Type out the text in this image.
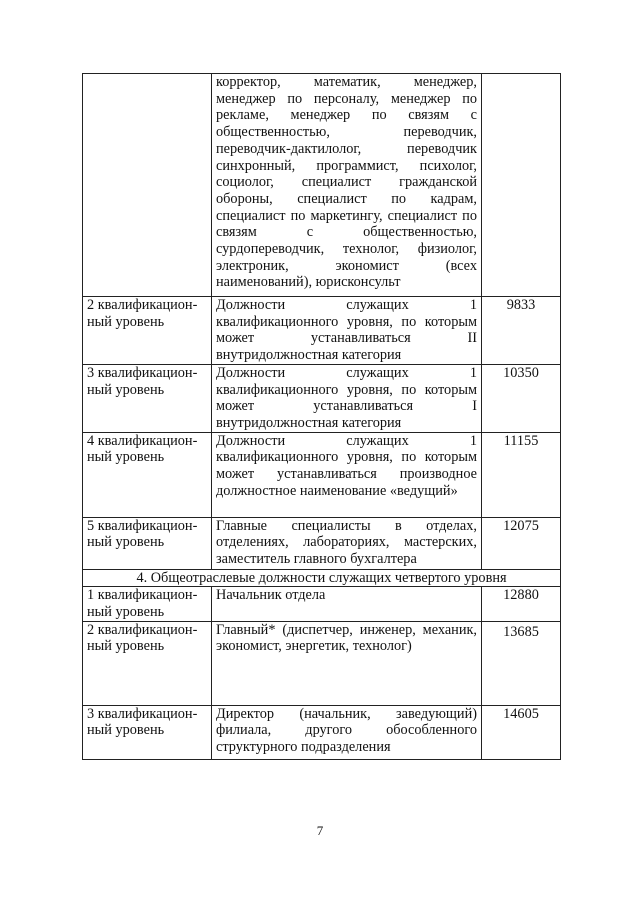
	корректор, математик, менеджер, менеджер по персоналу, менеджер по рекламе, менеджер по связям с общественностью, переводчик, переводчик-дактилолог, переводчик синхронный, программист, психолог, социолог, специалист гражданской обороны, специалист по кадрам, специалист по маркетингу, специалист по связям с общественностью, сурдопереводчик, технолог, физиолог, электроник, экономист (всех наименований), юрисконсульт	
2 квалификацион-ный уровень	Должности служащих 1 квалификационного уровня, по которым может устанавливаться II внутридолжностная категория	9833
3 квалификацион-ный уровень	Должности служащих 1 квалификационного уровня, по которым может устанавливаться I внутридолжностная категория	10350
4 квалификацион-ный уровень	Должности служащих 1 квалификационного уровня, по которым может устанавливаться производное должностное наименование «ведущий»	11155
5 квалификацион-ный уровень	Главные специалисты в отделах, отделениях, лабораториях, мастерских, заместитель главного бухгалтера	12075
4. Общеотраслевые должности служащих четвертого уровня		
1 квалификацион-ный уровень	Начальник отдела	12880
2 квалификацион-ный уровень	Главный* (диспетчер, инженер, механик, экономист, энергетик, технолог)	13685
3 квалификацион-ный уровень	Директор (начальник, заведующий) филиала, другого обособленного структурного подразделения	14605
7
